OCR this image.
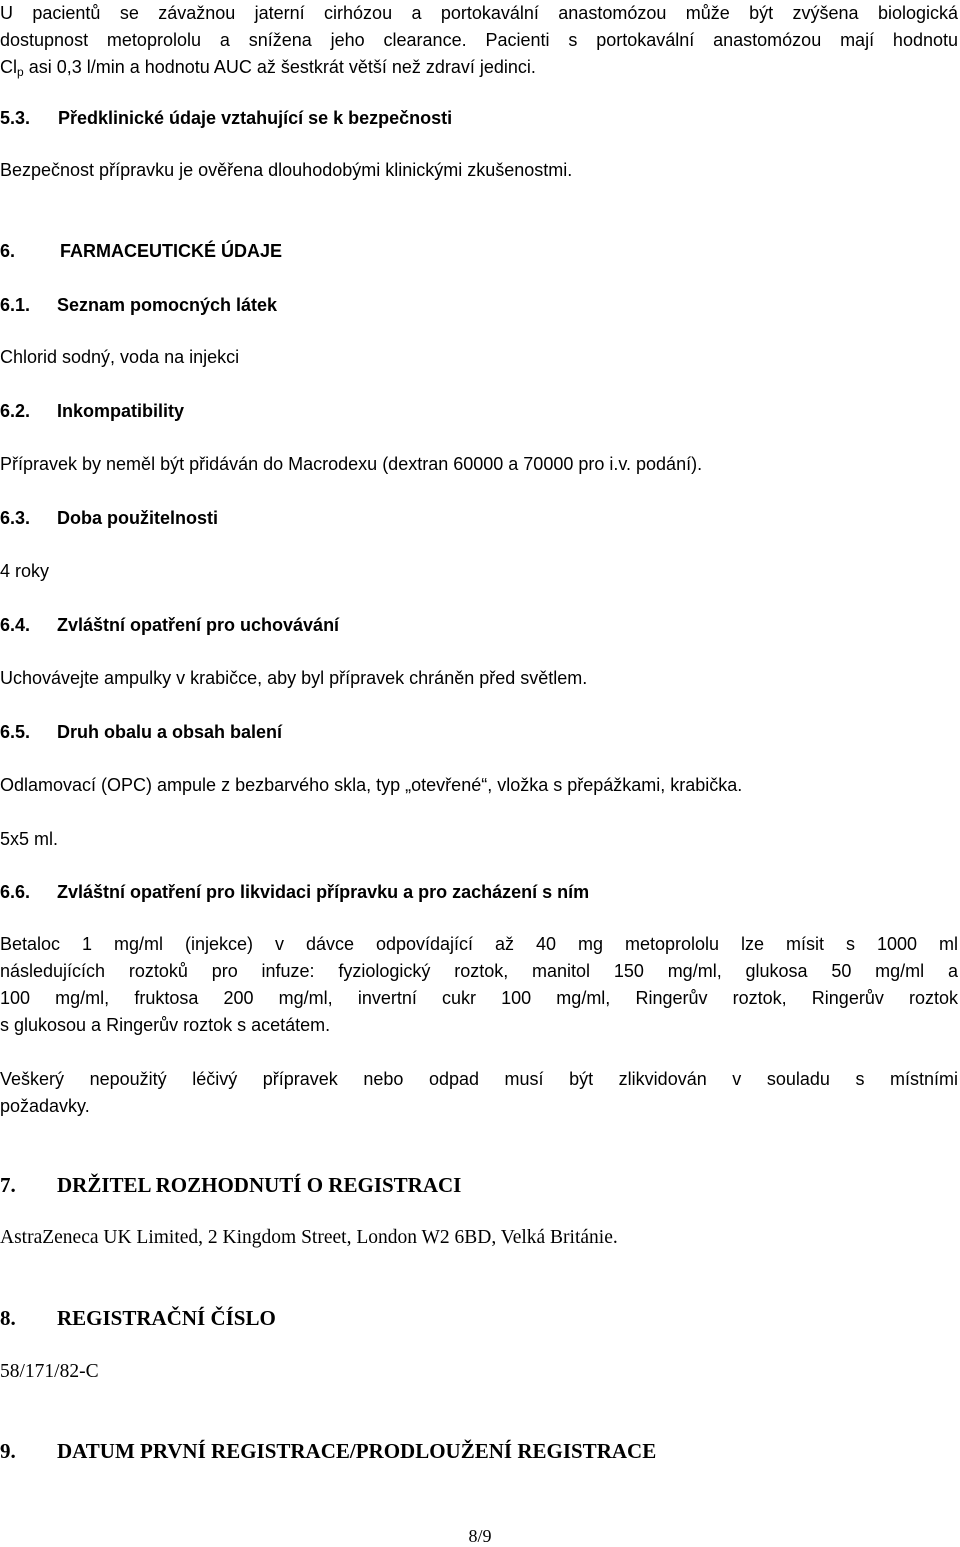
U pacientů se závažnou jaterní cirhózou a portokavální anastomózou může být zvýšena biologická
dostupnost metoprololu a snížena jeho clearance. Pacienti s portokavální anastomózou mají hodnotu
$Cl_p$ asi 0,3 l/min a hodnotu AUC až šestkrát větší než zdraví jedinci.
5.3. Předklinické údaje vztahující se k bezpečnosti
Bezpečnost přípravku je ověřena dlouhodobými klinickými zkušenostmi.
6. FARMACEUTICKÉ ÚDAJE
6.1. Seznam pomocných látek
Chlorid sodný, voda na injekci
6.2. Inkompatibility
Přípravek by neměl být přidáván do Macrodexu (dextran 60000 a 70000 pro i.v. podání).
6.3. Doba použitelnosti
4 roky
6.4. Zvláštní opatření pro uchovávání
Uchovávejte ampulky v krabičce, aby byl přípravek chráněn před světlem.
6.5. Druh obalu a obsah balení
Odlamovací (OPC) ampule z bezbarvého skla, typ „otevřené“, vložka s přepážkami, krabička.
5x5 ml.
6.6. Zvláštní opatření pro likvidaci přípravku a pro zacházení s ním
Betaloc 1 mg/ml (injekce) v dávce odpovídající až 40 mg metoprololu lze mísit s 1000 ml
následujících roztoků pro infuze: fyziologický roztok, manitol 150 mg/ml, glukosa 50 mg/ml a
100 mg/ml, fruktosa 200 mg/ml, invertní cukr 100 mg/ml, Ringerův roztok, Ringerův roztok
s glukosou a Ringerův roztok s acetátem.
Veškerý nepoužitý léčivý přípravek nebo odpad musí být zlikvidován v souladu s místními
požadavky.
7. DRŽITEL ROZHODNUTÍ O REGISTRACI
AstraZeneca UK Limited, 2 Kingdom Street, London W2 6BD, Velká Británie.
8. REGISTRAČNÍ ČÍSLO
58/171/82-C
9. DATUM PRVNÍ REGISTRACE/PRODLOUŽENÍ REGISTRACE
8/9
